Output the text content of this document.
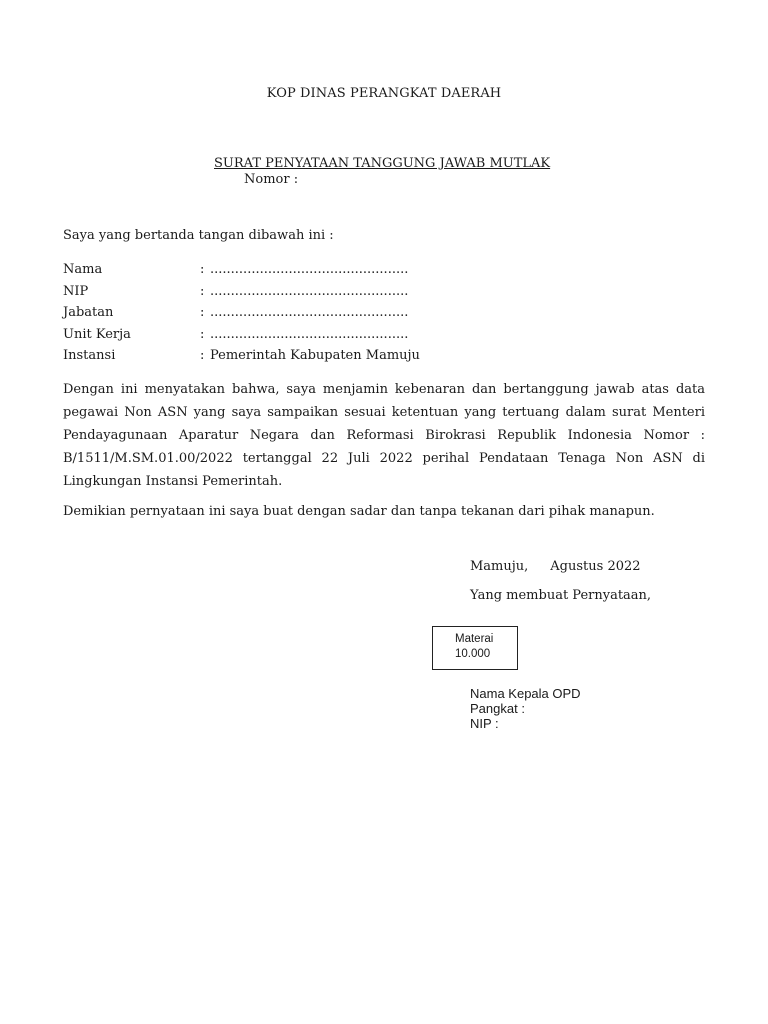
KOP DINAS PERANGKAT DAERAH
SURAT PENYATAAN TANGGUNG JAWAB MUTLAK
Nomor :
Saya yang bertanda tangan dibawah ini :
Nama	: ................................................
NIP	: ................................................
Jabatan	: ................................................
Unit Kerja	: ................................................
Instansi	: Pemerintah Kabupaten Mamuju
Dengan ini menyatakan bahwa, saya menjamin kebenaran dan bertanggung jawab atas data pegawai Non ASN yang saya sampaikan sesuai ketentuan yang tertuang dalam surat Menteri Pendayagunaan Aparatur Negara dan Reformasi Birokrasi Republik Indonesia Nomor : B/1511/M.SM.01.00/2022 tertanggal 22 Juli 2022 perihal Pendataan Tenaga Non ASN di Lingkungan Instansi Pemerintah.
Demikian pernyataan ini saya buat dengan sadar dan tanpa tekanan dari pihak manapun.
Mamuju, Agustus 2022
Yang membuat Pernyataan,
Materai
10.000
Nama Kepala OPD
Pangkat :
NIP :
